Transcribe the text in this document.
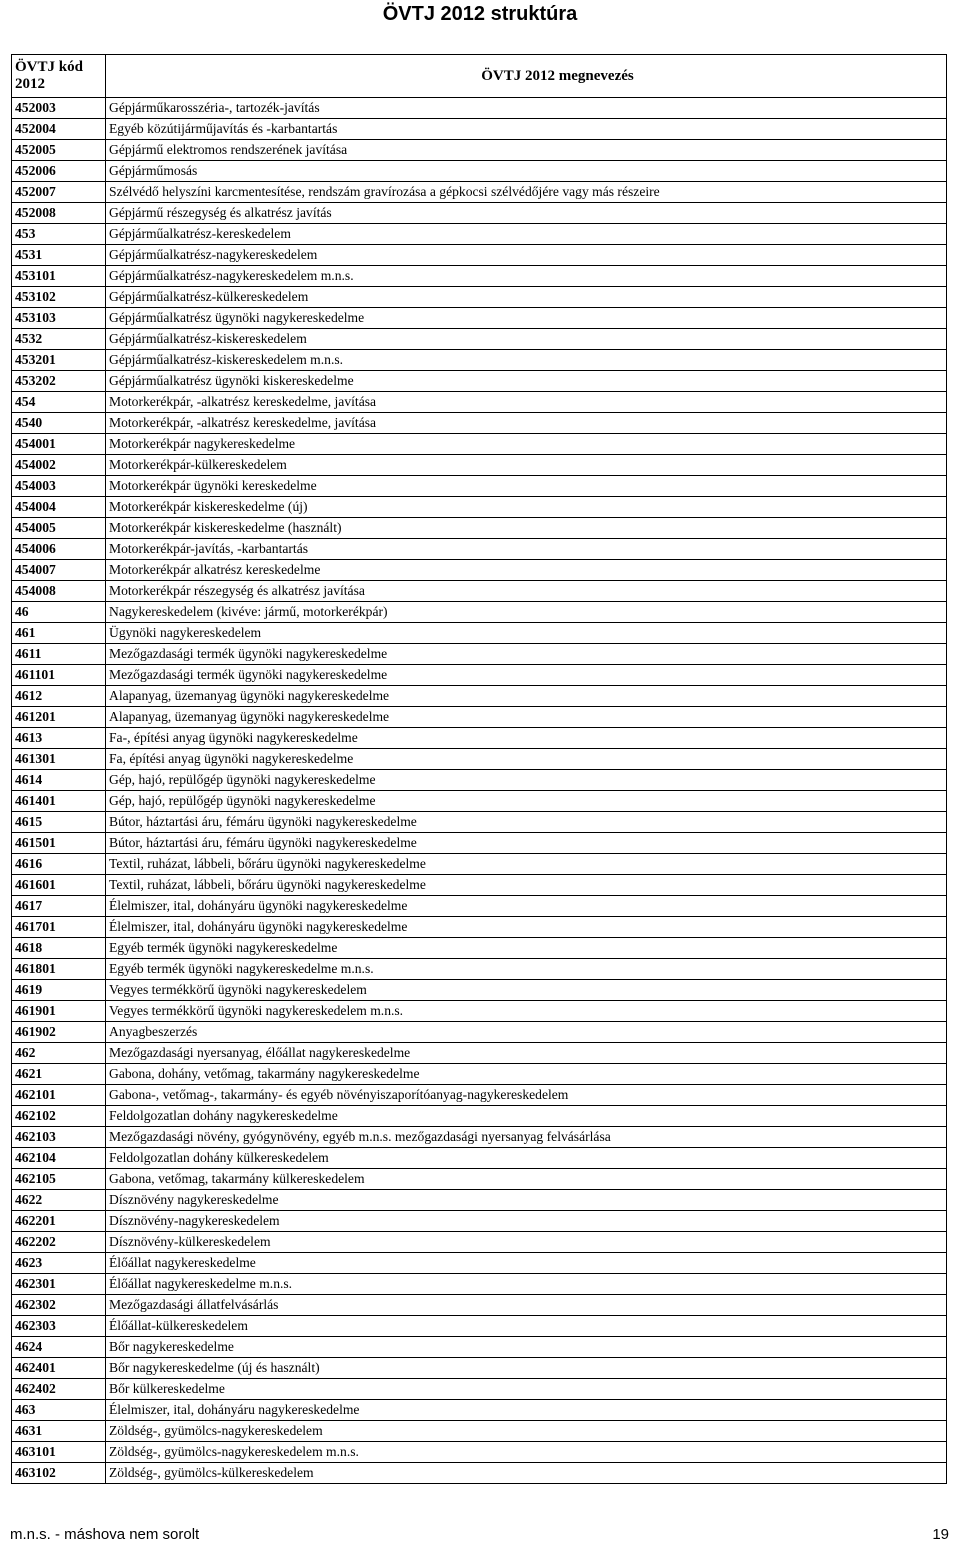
ÖVTJ 2012 struktúra
ÖVTJ kód
2012	ÖVTJ 2012 megnevezés
452003	Gépjárműkarosszéria-, tartozék-javítás
452004	Egyéb közútijárműjavítás és -karbantartás
452005	Gépjármű elektromos rendszerének javítása
452006	Gépjárműmosás
452007	Szélvédő helyszíni karcmentesítése, rendszám gravírozása a gépkocsi szélvédőjére vagy más részeire
452008	Gépjármű részegység és alkatrész javítás
453	Gépjárműalkatrész-kereskedelem
4531	Gépjárműalkatrész-nagykereskedelem
453101	Gépjárműalkatrész-nagykereskedelem m.n.s.
453102	Gépjárműalkatrész-külkereskedelem
453103	Gépjárműalkatrész ügynöki nagykereskedelme
4532	Gépjárműalkatrész-kiskereskedelem
453201	Gépjárműalkatrész-kiskereskedelem m.n.s.
453202	Gépjárműalkatrész ügynöki kiskereskedelme
454	Motorkerékpár, -alkatrész kereskedelme, javítása
4540	Motorkerékpár, -alkatrész kereskedelme, javítása
454001	Motorkerékpár nagykereskedelme
454002	Motorkerékpár-külkereskedelem
454003	Motorkerékpár ügynöki kereskedelme
454004	Motorkerékpár kiskereskedelme (új)
454005	Motorkerékpár kiskereskedelme (használt)
454006	Motorkerékpár-javítás, -karbantartás
454007	Motorkerékpár alkatrész kereskedelme
454008	Motorkerékpár részegység és alkatrész javítása
46	Nagykereskedelem (kivéve: jármű, motorkerékpár)
461	Ügynöki nagykereskedelem
4611	Mezőgazdasági termék ügynöki nagykereskedelme
461101	Mezőgazdasági termék ügynöki nagykereskedelme
4612	Alapanyag, üzemanyag ügynöki nagykereskedelme
461201	Alapanyag, üzemanyag ügynöki nagykereskedelme
4613	Fa-, építési anyag ügynöki nagykereskedelme
461301	Fa, építési anyag ügynöki nagykereskedelme
4614	Gép, hajó, repülőgép ügynöki nagykereskedelme
461401	Gép, hajó, repülőgép ügynöki nagykereskedelme
4615	Bútor, háztartási áru, fémáru ügynöki nagykereskedelme
461501	Bútor, háztartási áru, fémáru ügynöki nagykereskedelme
4616	Textil, ruházat, lábbeli, bőráru ügynöki nagykereskedelme
461601	Textil, ruházat, lábbeli, bőráru ügynöki nagykereskedelme
4617	Élelmiszer, ital, dohányáru ügynöki nagykereskedelme
461701	Élelmiszer, ital, dohányáru ügynöki nagykereskedelme
4618	Egyéb termék ügynöki nagykereskedelme
461801	Egyéb termék ügynöki nagykereskedelme m.n.s.
4619	Vegyes termékkörű ügynöki nagykereskedelem
461901	Vegyes termékkörű ügynöki nagykereskedelem m.n.s.
461902	Anyagbeszerzés
462	Mezőgazdasági nyersanyag, élőállat nagykereskedelme
4621	Gabona, dohány, vetőmag, takarmány nagykereskedelme
462101	Gabona-, vetőmag-, takarmány- és egyéb növényiszaporítóanyag-nagykereskedelem
462102	Feldolgozatlan dohány nagykereskedelme
462103	Mezőgazdasági növény, gyógynövény, egyéb m.n.s. mezőgazdasági nyersanyag felvásárlása
462104	Feldolgozatlan dohány külkereskedelem
462105	Gabona, vetőmag, takarmány külkereskedelem
4622	Dísznövény nagykereskedelme
462201	Dísznövény-nagykereskedelem
462202	Dísznövény-külkereskedelem
4623	Élőállat nagykereskedelme
462301	Élőállat nagykereskedelme m.n.s.
462302	Mezőgazdasági állatfelvásárlás
462303	Élőállat-külkereskedelem
4624	Bőr nagykereskedelme
462401	Bőr nagykereskedelme (új és használt)
462402	Bőr külkereskedelme
463	Élelmiszer, ital, dohányáru nagykereskedelme
4631	Zöldség-, gyümölcs-nagykereskedelem
463101	Zöldség-, gyümölcs-nagykereskedelem m.n.s.
463102	Zöldség-, gyümölcs-külkereskedelem
m.n.s. - máshova nem sorolt	19
